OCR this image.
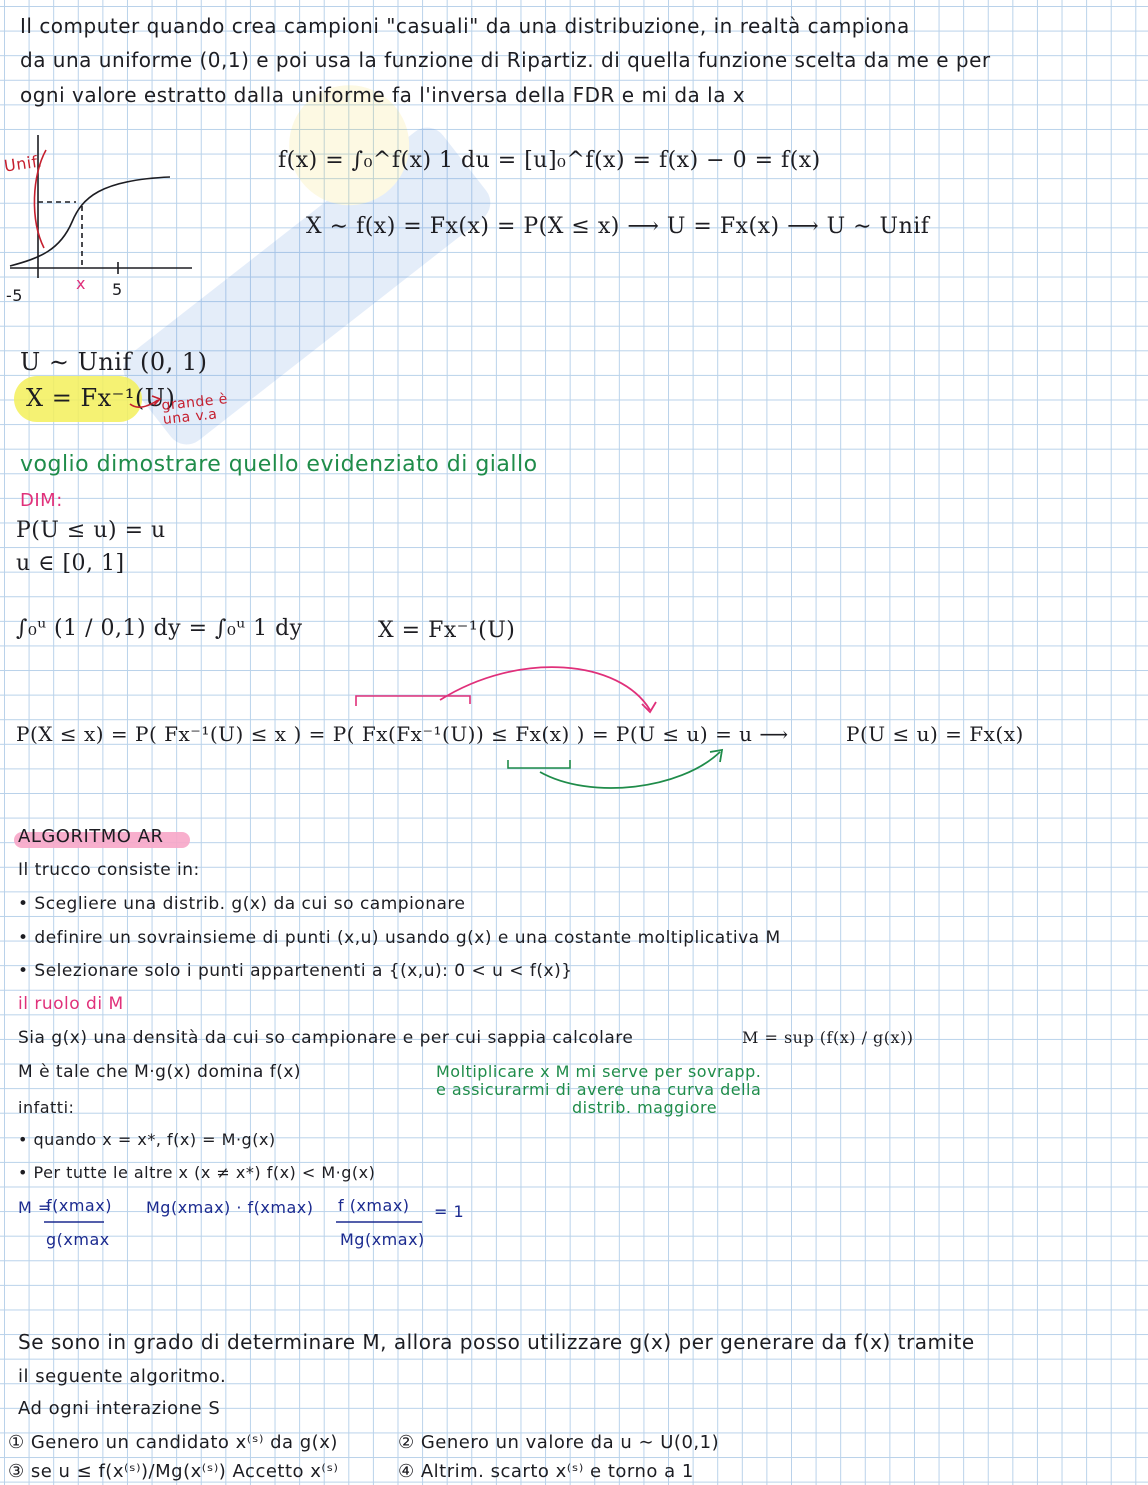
Il computer quando crea campioni "casuali" da una distribuzione, in realtà campiona
da una uniforme (0,1) e poi usa la funzione di Ripartiz. di quella funzione scelta da me e per
ogni valore estratto dalla uniforme fa l'inversa della FDR e mi da la x
Unif.
-5
x 5
f(x) = ∫₀^f(x) 1 du = [u]₀^f(x) = f(x) − 0 = f(x)
X ∼ f(x) = Fx(x) = P(X ≤ x) ⟶ U = Fx(x) ⟶ U ∼ Unif
U ∼ Unif (0, 1)
X = Fx⁻¹(U)
grande è una v.a
voglio dimostrare quello evidenziato di giallo
DIM:
P(U ≤ u) = u
u ∈ [0, 1]
∫₀ᵘ (1 / 0,1) dy = ∫₀ᵘ 1 dy	X = Fx⁻¹(U)
P(X ≤ x) = P( Fx⁻¹(U) ≤ x ) = P( Fx(Fx⁻¹(U)) ≤ Fx(x) ) = P(U ≤ u) = u ⟶	P(U ≤ u) = Fx(x)
ALGORITMO AR
Il trucco consiste in:
• Scegliere una distrib. g(x) da cui so campionare
• definire un sovrainsieme di punti (x,u) usando g(x) e una costante moltiplicativa M
• Selezionare solo i punti appartenenti a {(x,u): 0 < u < f(x)}
il ruolo di M
Sia g(x) una densità da cui so campionare e per cui sappia calcolare	M = sup (f(x) / g(x))
M è tale che M·g(x) domina f(x)	Moltiplicare x M mi serve per sovrapp.
e assicurarmi di avere una curva della
distrib. maggiore
infatti:
• quando x = x*, f(x) = M·g(x)
• Per tutte le altre x (x ≠ x*) f(x) < M·g(x)
M =
f(xmax)
g(xmax
Mg(xmax) · f(xmax) f (xmax)
Mg(xmax)
= 1
Se sono in grado di determinare M, allora posso utilizzare g(x) per generare da f(x) tramite
il seguente algoritmo.
Ad ogni interazione S
① Genero un candidato x⁽ˢ⁾ da g(x)	② Genero un valore da u ∼ U(0,1)
③ se u ≤ f(x⁽ˢ⁾)/Mg(x⁽ˢ⁾) Accetto x⁽ˢ⁾	④ Altrim. scarto x⁽ˢ⁾ e torno a 1
